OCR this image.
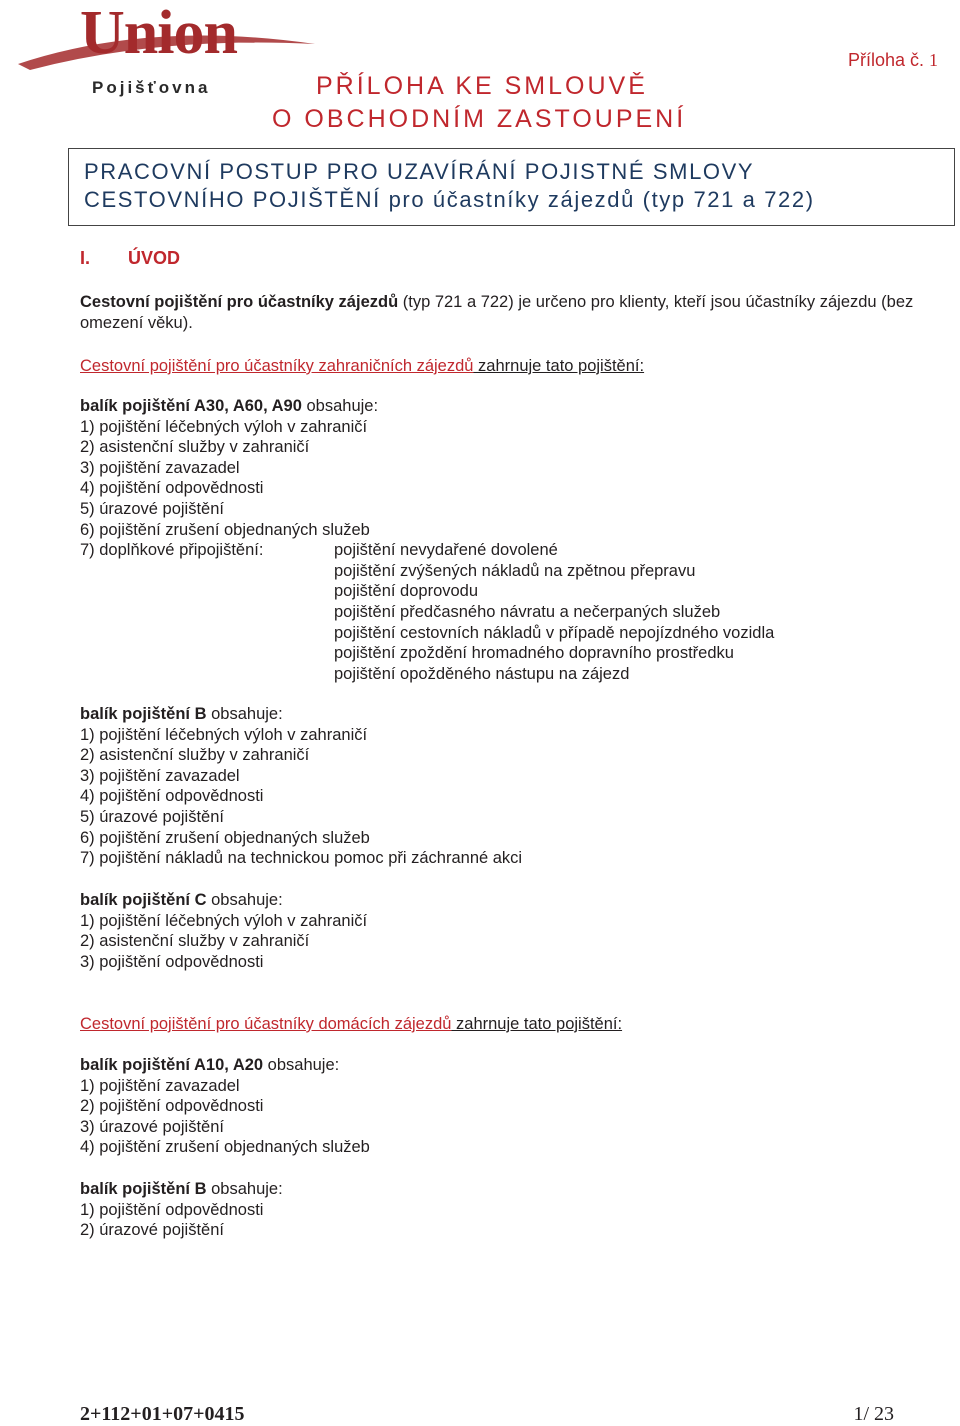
Union
Pojišťovna
Příloha č. 1
PŘÍLOHA KE SMLOUVĚ
O OBCHODNÍM ZASTOUPENÍ
PRACOVNÍ POSTUP PRO UZAVÍRÁNÍ POJISTNÉ SMLOVY
CESTOVNÍHO POJIŠTĚNÍ pro účastníky zájezdů (typ 721 a 722)
I. ÚVOD
Cestovní pojištění pro účastníky zájezdů (typ 721 a 722) je určeno pro klienty, kteří jsou účastníky zájezdu (bez omezení věku).
Cestovní pojištění pro účastníky zahraničních zájezdů zahrnuje tato pojištění:
balík pojištění A30, A60, A90 obsahuje:
1) pojištění léčebných výloh v zahraničí
2) asistenční služby v zahraničí
3) pojištění zavazadel
4) pojištění odpovědnosti
5) úrazové pojištění
6) pojištění zrušení objednaných služeb
7) doplňkové připojištění:	pojištění nevydařené dovolené
pojištění zvýšených nákladů na zpětnou přepravu
pojištění doprovodu
pojištění předčasného návratu a nečerpaných služeb
pojištění cestovních nákladů v případě nepojízdného vozidla
pojištění zpoždění hromadného dopravního prostředku
pojištění opožděného nástupu na zájezd
balík pojištění B obsahuje:
1) pojištění léčebných výloh v zahraničí
2) asistenční služby v zahraničí
3) pojištění zavazadel
4) pojištění odpovědnosti
5) úrazové pojištění
6) pojištění zrušení objednaných služeb
7) pojištění nákladů na technickou pomoc při záchranné akci
balík pojištění C obsahuje:
1) pojištění léčebných výloh v zahraničí
2) asistenční služby v zahraničí
3) pojištění odpovědnosti
Cestovní pojištění pro účastníky domácích zájezdů zahrnuje tato pojištění:
balík pojištění A10, A20 obsahuje:
1) pojištění zavazadel
2) pojištění odpovědnosti
3) úrazové pojištění
4) pojištění zrušení objednaných služeb
balík pojištění B obsahuje:
1) pojištění odpovědnosti
2) úrazové pojištění
2+112+01+07+0415	1/ 23
